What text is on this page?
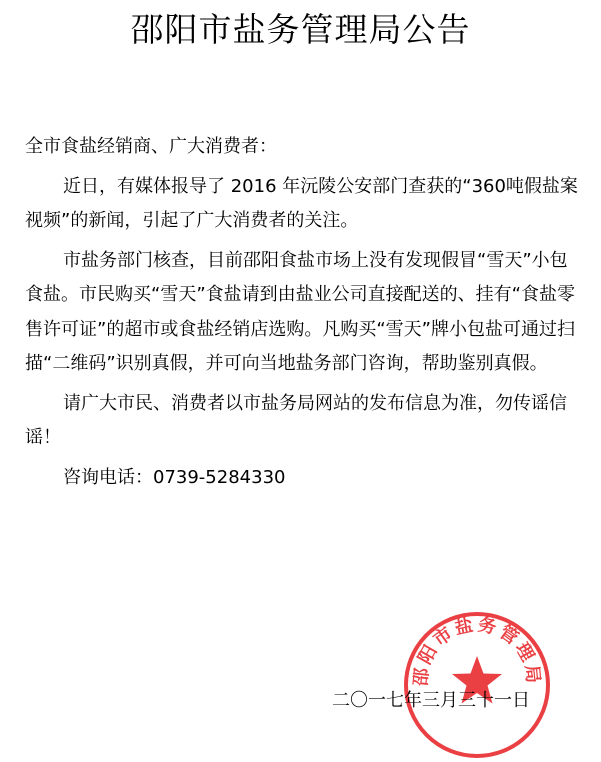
邵阳市盐务管理局公告

全市食盐经销商、广大消费者：

近日，有媒体报导了 2016 年沅陵公安部门查获的“360吨假盐案视频”的新闻，引起了广大消费者的关注。

市盐务部门核查，目前邵阳食盐市场上没有发现假冒“雪天”小包食盐。市民购买“雪天”食盐请到由盐业公司直接配送的、挂有“食盐零售许可证”的超市或食盐经销店选购。凡购买“雪天”牌小包盐可通过扫描“二维码”识别真假，并可向当地盐务部门咨询，帮助鉴别真假。

请广大市民、消费者以市盐务局网站的发布信息为准，勿传谣信谣！

咨询电话：0739-5284330

邵阳市盐务管理局
二〇一七年三月三十一日
